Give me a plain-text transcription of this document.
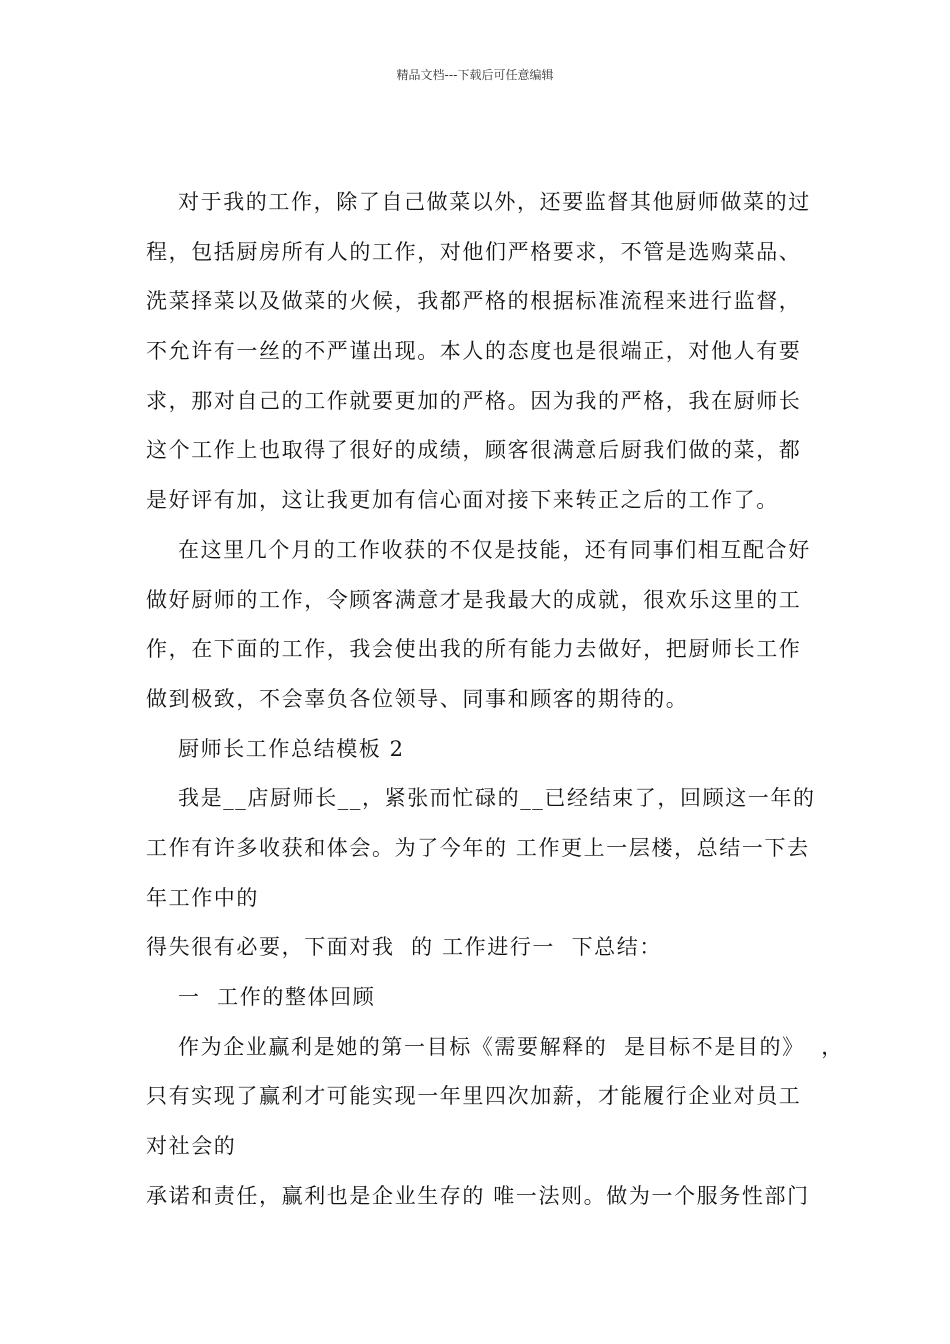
精品文档---下载后可任意编辑
对于我的工作，除了自己做菜以外，还要监督其他厨师做菜的过
程，包括厨房所有人的工作，对他们严格要求，不管是选购菜品、
洗菜择菜以及做菜的火候，我都严格的根据标准流程来进行监督，
不允许有一丝的不严谨出现。本人的态度也是很端正，对他人有要
求，那对自己的工作就要更加的严格。因为我的严格，我在厨师长
这个工作上也取得了很好的成绩，顾客很满意后厨我们做的菜，都
是好评有加，这让我更加有信心面对接下来转正之后的工作了。
在这里几个月的工作收获的不仅是技能，还有同事们相互配合好
做好厨师的工作，令顾客满意才是我最大的成就，很欢乐这里的工
作，在下面的工作，我会使出我的所有能力去做好，把厨师长工作
做到极致，不会辜负各位领导、同事和顾客的期待的。
厨师长工作总结模板 2
我是__店厨师长__，紧张而忙碌的__已经结束了，回顾这一年的
工作有许多收获和体会。为了今年的 工作更上一层楼，总结一下去
年工作中的
得失很有必要，下面对我  的 工作进行一  下总结：
一  工作的整体回顾
作为企业赢利是她的第一目标《需要解释的  是目标不是目的》  ，
只有实现了赢利才可能实现一年里四次加薪，才能履行企业对员工
对社会的
承诺和责任，赢利也是企业生存的 唯一法则。做为一个服务性部门
